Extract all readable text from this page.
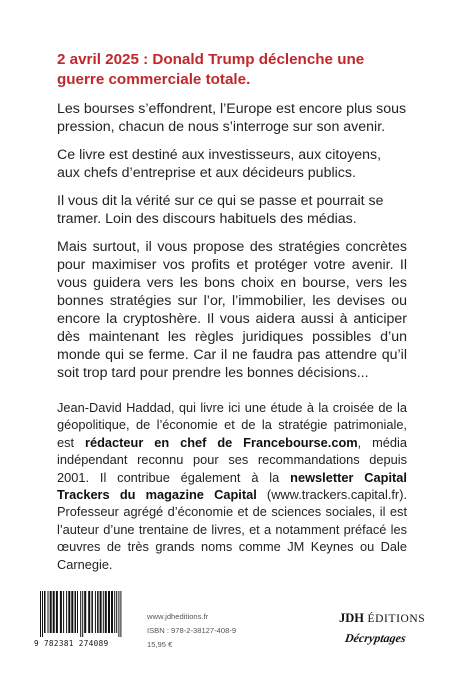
2 avril 2025 : Donald Trump déclenche une guerre commerciale totale.

Les bourses s’effondrent, l’Europe est encore plus sous pression, chacun de nous s’interroge sur son avenir.

Ce livre est destiné aux investisseurs, aux citoyens, aux chefs d’entreprise et aux décideurs publics.

Il vous dit la vérité sur ce qui se passe et pourrait se tramer. Loin des discours habituels des médias.

Mais surtout, il vous propose des stratégies concrètes pour maximiser vos profits et protéger votre avenir. Il vous guidera vers les bons choix en bourse, vers les bonnes stratégies sur l’or, l’immobilier, les devises ou encore la cryptoshère. Il vous aidera aussi à anticiper dès maintenant les règles juridiques possibles d’un monde qui se ferme. Car il ne faudra pas attendre qu’il soit trop tard pour prendre les bonnes décisions...

Jean-David Haddad, qui livre ici une étude à la croisée de la géopolitique, de l’économie et de la stratégie patrimoniale, est rédacteur en chef de Francebourse.com, média indépendant reconnu pour ses recommandations depuis 2001. Il contribue également à la newsletter Capital Trackers du magazine Capital (www.trackers.capital.fr). Professeur agrégé d’économie et de sciences sociales, il est l’auteur d’une trentaine de livres, et a notamment préfacé les œuvres de très grands noms comme JM Keynes ou Dale Carnegie.
9 782381 274089
www.jdheditions.fr
ISBN : 978-2-38127-408-9
15,95 €
JDH ÉDITIONS
Décryptages
